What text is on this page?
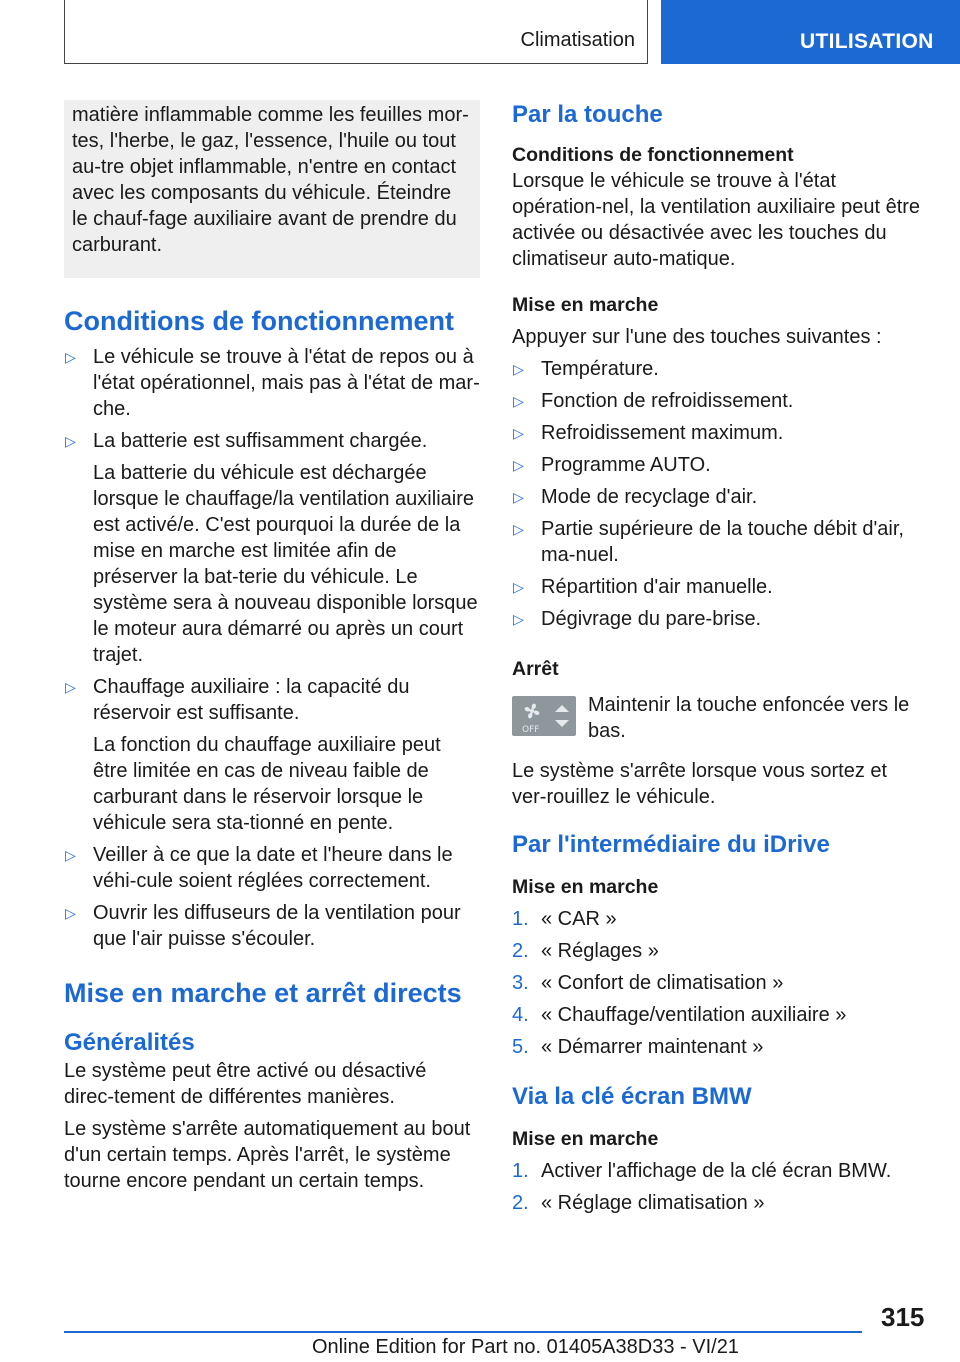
Climatisation	UTILISATION

matière inflammable comme les feuilles mor-tes, l'herbe, le gaz, l'essence, l'huile ou tout au-tre objet inflammable, n'entre en contact avec les composants du véhicule. Éteindre le chauf-fage auxiliaire avant de prendre du carburant.

Conditions de fonctionnement
▷ Le véhicule se trouve à l'état de repos ou à l'état opérationnel, mais pas à l'état de mar-che.
▷ La batterie est suffisamment chargée.
La batterie du véhicule est déchargée lorsque le chauffage/la ventilation auxiliaire est activé/e. C'est pourquoi la durée de la mise en marche est limitée afin de préserver la bat-terie du véhicule. Le système sera à nouveau disponible lorsque le moteur aura démarré ou après un court trajet.
▷ Chauffage auxiliaire : la capacité du réservoir est suffisante.
La fonction du chauffage auxiliaire peut être limitée en cas de niveau faible de carburant dans le réservoir lorsque le véhicule sera sta-tionné en pente.
▷ Veiller à ce que la date et l'heure dans le véhi-cule soient réglées correctement.
▷ Ouvrir les diffuseurs de la ventilation pour que l'air puisse s'écouler.
Mise en marche et arrêt directs
Généralités

Le système peut être activé ou désactivé direc-tement de différentes manières.

Le système s'arrête automatiquement au bout d'un certain temps. Après l'arrêt, le système tourne encore pendant un certain temps.

Par la touche
Conditions de fonctionnement

Lorsque le véhicule se trouve à l'état opération-nel, la ventilation auxiliaire peut être activée ou désactivée avec les touches du climatiseur auto-matique.

Mise en marche

Appuyer sur l'une des touches suivantes :

▷ Température.
▷ Fonction de refroidissement.
▷ Refroidissement maximum.
▷ Programme AUTO.
▷ Mode de recyclage d'air.
▷ Partie supérieure de la touche débit d'air, ma-nuel.
▷ Répartition d'air manuelle.
▷ Dégivrage du pare-brise.
Arrêt
OFF

Maintenir la touche enfoncée vers le bas.

Le système s'arrête lorsque vous sortez et ver-rouillez le véhicule.

Par l'intermédiaire du iDrive
Mise en marche
1. « CAR »
2. « Réglages »
3. « Confort de climatisation »
4. « Chauffage/ventilation auxiliaire »
5. « Démarrer maintenant »
Via la clé écran BMW
Mise en marche
1. Activer l'affichage de la clé écran BMW.
2. « Réglage climatisation »
315
Online Edition for Part no. 01405A38D33 - VI/21
